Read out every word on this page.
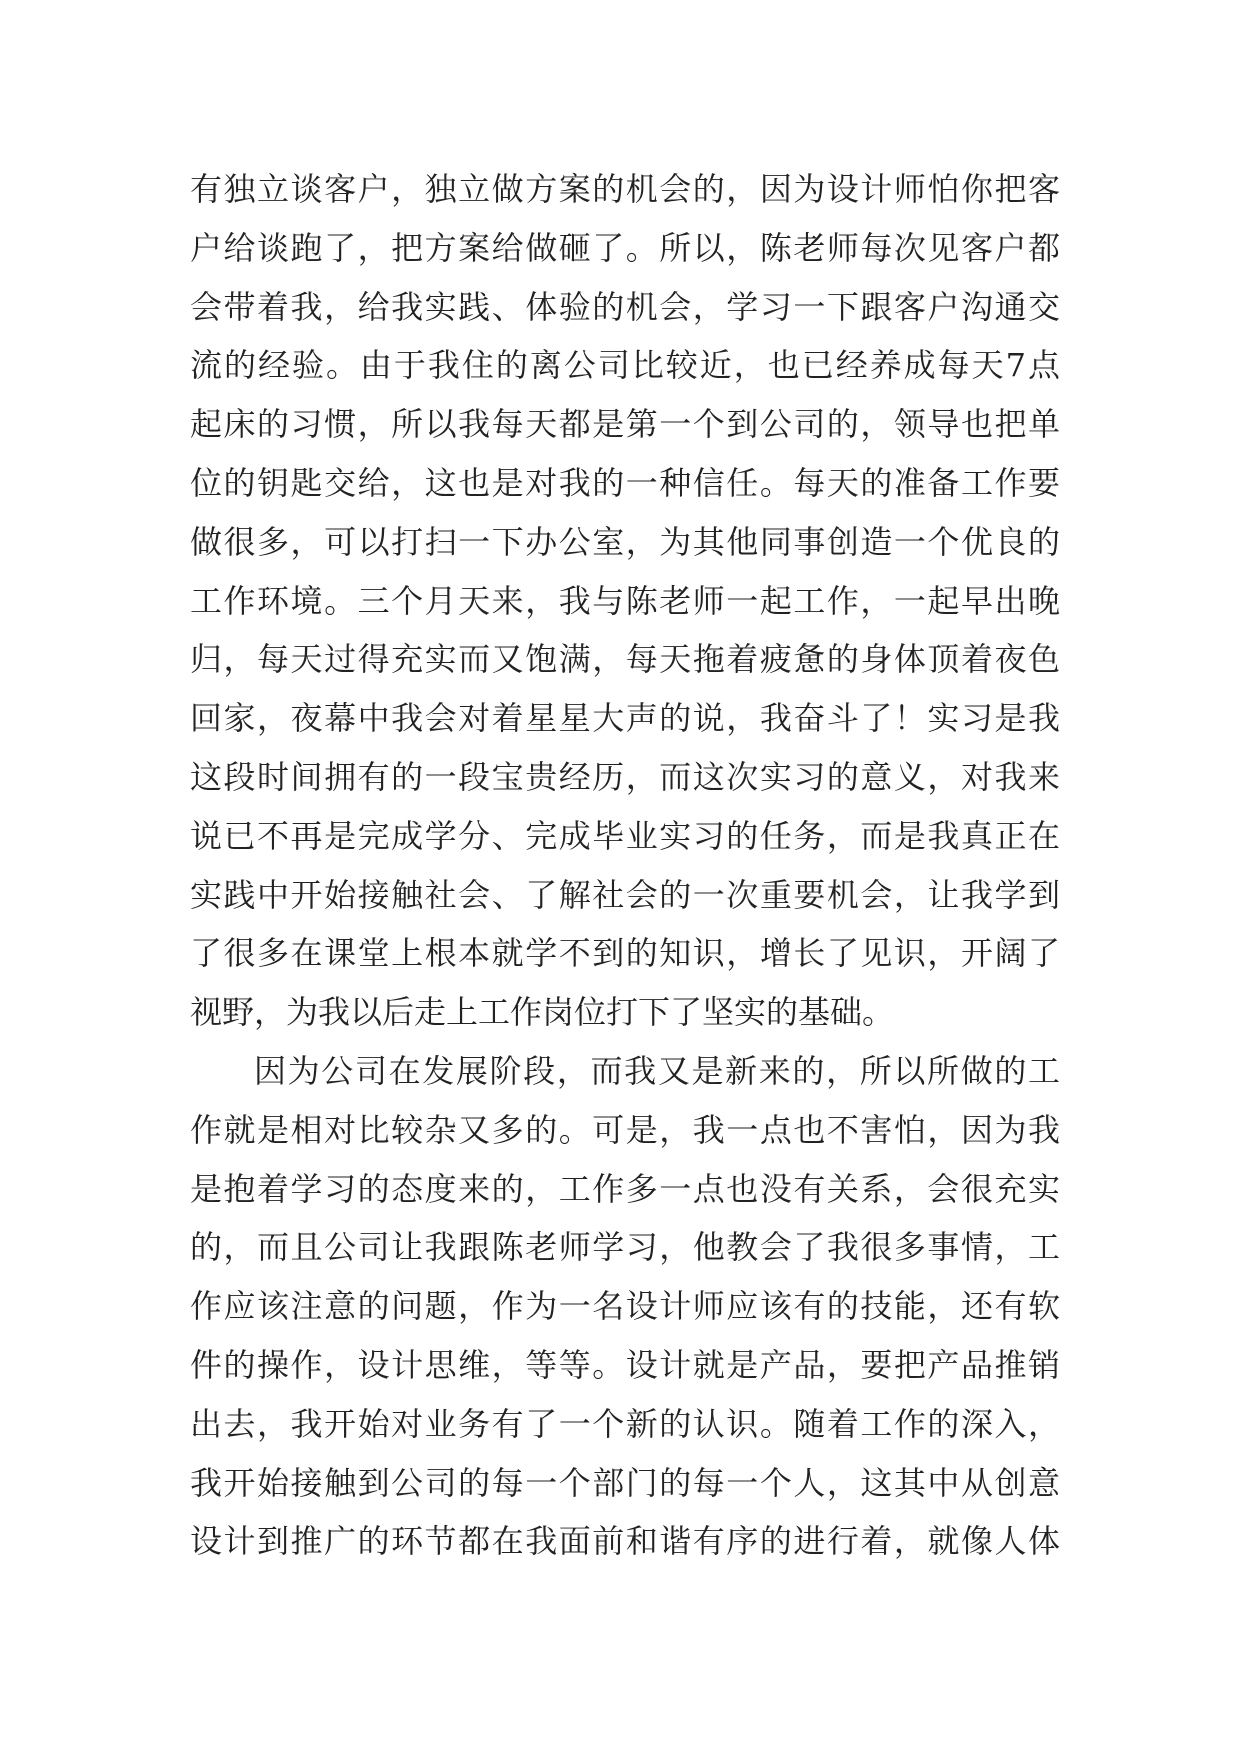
有独立谈客户，独立做方案的机会的，因为设计师怕你把客
户给谈跑了，把方案给做砸了。所以，陈老师每次见客户都
会带着我，给我实践、体验的机会，学习一下跟客户沟通交
流的经验。由于我住的离公司比较近，也已经养成每天7点
起床的习惯，所以我每天都是第一个到公司的，领导也把单
位的钥匙交给，这也是对我的一种信任。每天的准备工作要
做很多，可以打扫一下办公室，为其他同事创造一个优良的
工作环境。三个月天来，我与陈老师一起工作，一起早出晚
归，每天过得充实而又饱满，每天拖着疲惫的身体顶着夜色
回家，夜幕中我会对着星星大声的说，我奋斗了！实习是我
这段时间拥有的一段宝贵经历，而这次实习的意义，对我来
说已不再是完成学分、完成毕业实习的任务，而是我真正在
实践中开始接触社会、了解社会的一次重要机会，让我学到
了很多在课堂上根本就学不到的知识，增长了见识，开阔了
视野，为我以后走上工作岗位打下了坚实的基础。
因为公司在发展阶段，而我又是新来的，所以所做的工
作就是相对比较杂又多的。可是，我一点也不害怕，因为我
是抱着学习的态度来的，工作多一点也没有关系，会很充实
的，而且公司让我跟陈老师学习，他教会了我很多事情，工
作应该注意的问题，作为一名设计师应该有的技能，还有软
件的操作，设计思维，等等。设计就是产品，要把产品推销
出去，我开始对业务有了一个新的认识。随着工作的深入，
我开始接触到公司的每一个部门的每一个人，这其中从创意
设计到推广的环节都在我面前和谐有序的进行着，就像人体
